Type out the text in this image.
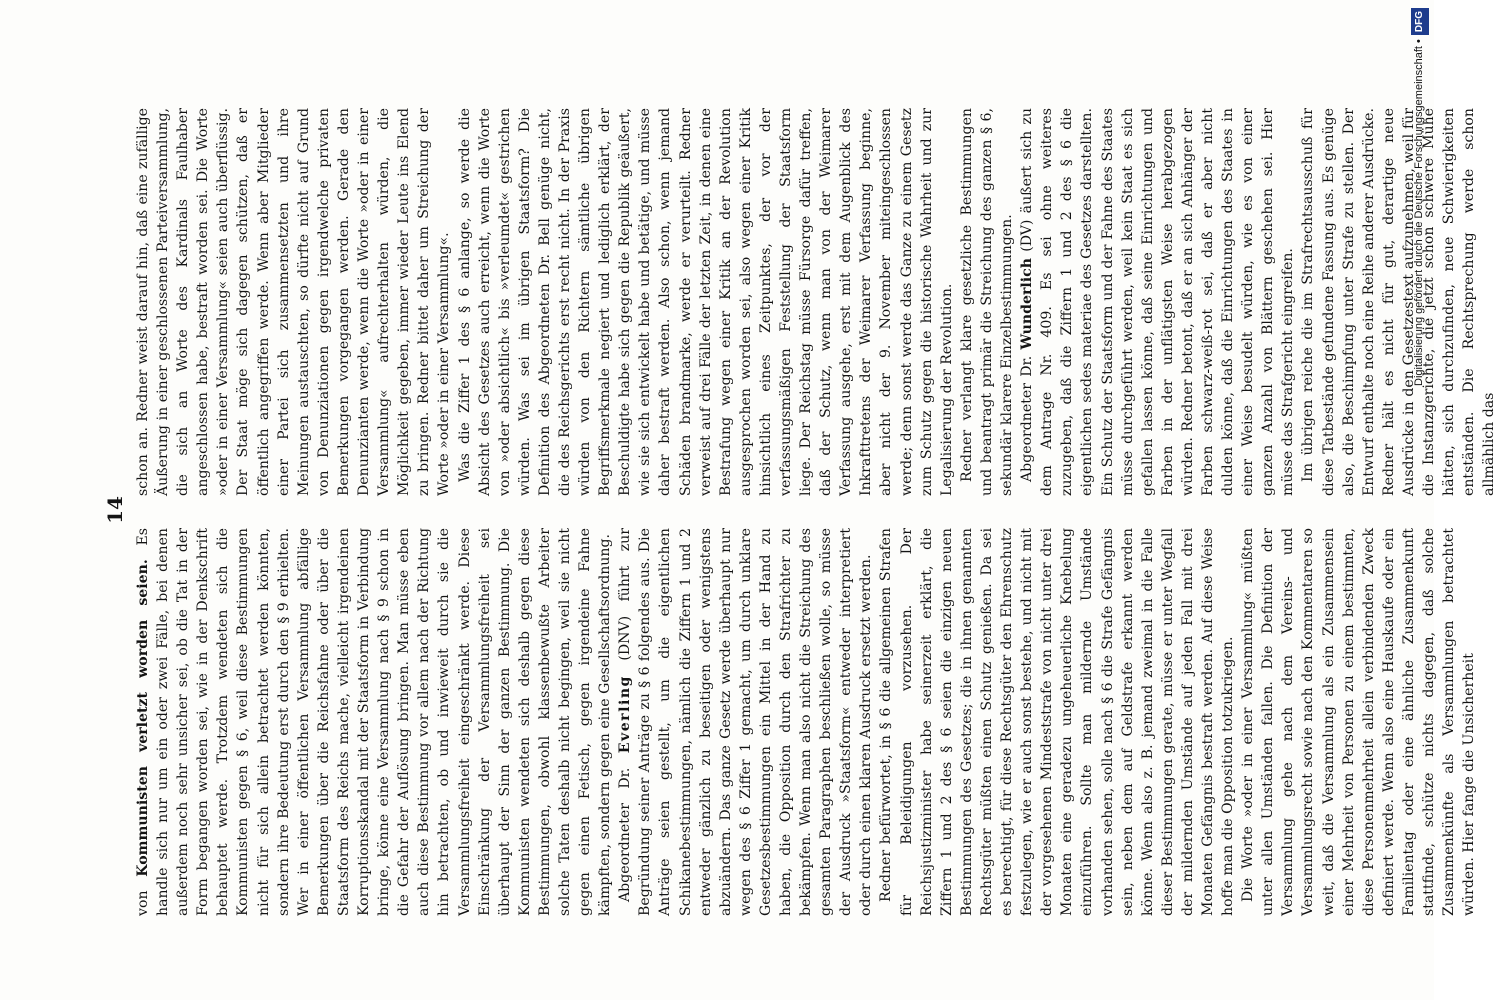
14

von Kommunisten verletzt worden seien. Es handle sich nur um ein oder zwei Fälle, bei denen außerdem noch sehr unsicher sei, ob die Tat in der Form begangen worden sei, wie in der Denkschrift behauptet werde. Trotzdem wendeten sich die Kommunisten gegen § 6, weil diese Bestimmungen nicht für sich allein betrachtet werden könnten, sondern ihre Bedeutung erst durch den § 9 erhielten. Wer in einer öffentlichen Versammlung abfällige Bemerkungen über die Reichsfahne oder über die Staatsform des Reichs mache, vielleicht irgendeinen Korruptionsskandal mit der Staatsform in Verbindung bringe, könne eine Versammlung nach § 9 schon in die Gefahr der Auflösung bringen. Man müsse eben auch diese Bestimmung vor allem nach der Richtung hin betrachten, ob und inwieweit durch sie die Versammlungsfreiheit eingeschränkt werde. Diese Einschränkung der Versammlungsfreiheit sei überhaupt der Sinn der ganzen Bestimmung. Die Kommunisten wendeten sich deshalb gegen diese Bestimmungen, obwohl klassenbewußte Arbeiter solche Taten deshalb nicht begingen, weil sie nicht gegen einen Fetisch, gegen irgendeine Fahne kämpften, sondern gegen eine Gesellschaftsordnung. Abgeordneter Dr. Everling (DNV) führt zur Begründung seiner Anträge zu § 6 folgendes aus. Die Anträge seien gestellt, um die eigentlichen Schikanebestimmungen, nämlich die Ziffern 1 und 2 entweder gänzlich zu beseitigen oder wenigstens abzuändern. Das ganze Gesetz werde überhaupt nur wegen des § 6 Ziffer 1 gemacht, um durch unklare Gesetzesbestimmungen ein Mittel in der Hand zu haben, die Opposition durch den Strafrichter zu bekämpfen. Wenn man also nicht die Streichung des gesamten Paragraphen beschließen wolle, so müsse der Ausdruck »Staatsform« entweder interpretiert oder durch einen klaren Ausdruck ersetzt werden. Redner befürwortet, in § 6 die allgemeinen Strafen für Beleidigungen vorzusehen. Der Reichsjustizminister habe seinerzeit erklärt, die Ziffern 1 und 2 des § 6 seien die einzigen neuen Bestimmungen des Gesetzes; die in ihnen genannten Rechtsgüter müßten einen Schutz genießen. Da sei es berechtigt, für diese Rechtsgüter den Ehrenschutz festzulegen, wie er auch sonst bestehe, und nicht mit der vorgesehenen Mindeststrafe von nicht unter drei Monaten eine geradezu ungeheuerliche Knebelung einzuführen. Sollte man mildernde Umstände vorhanden sehen, solle nach § 6 die Strafe Gefängnis sein, neben dem auf Geldstrafe erkannt werden könne. Wenn also z. B. jemand zweimal in die Falle dieser Bestimmungen gerate, müsse er unter Wegfall der mildernden Umstände auf jeden Fall mit drei Monaten Gefängnis bestraft werden. Auf diese Weise hoffe man die Opposition totzukriegen. Die Worte »oder in einer Versammlung« müßten unter allen Umständen fallen. Die Definition der Versammlung gehe nach dem Vereins- und Versammlungsrecht sowie nach den Kommentaren so weit, daß die Versammlung als ein Zusammensein einer Mehrheit von Personen zu einem bestimmten, diese Personenmehrheit allein verbindenden Zweck definiert werde. Wenn also eine Hauskaufe oder ein Familientag oder eine ähnliche Zusammenkunft stattfinde, schütze nichts dagegen, daß solche Zusammenkünfte als Versammlungen betrachtet würden. Hier fange die Unsicherheit

schon an. Redner weist darauf hin, daß eine zufällige Äußerung in einer geschlossenen Parteiversammlung, die sich an Worte des Kardinals Faulhaber angeschlossen habe, bestraft worden sei. Die Worte »oder in einer Versammlung« seien auch überflüssig. Der Staat möge sich dagegen schützen, daß er öffentlich angegriffen werde. Wenn aber Mitglieder einer Partei sich zusammensetzten und ihre Meinungen austauschten, so dürfte nicht auf Grund von Denunziationen gegen irgendwelche privaten Bemerkungen vorgegangen werden. Gerade den Denunzianten werde, wenn die Worte »oder in einer Versammlung« aufrechterhalten würden, die Möglichkeit gegeben, immer wieder Leute ins Elend zu bringen. Redner bittet daher um Streichung der Worte »oder in einer Versammlung«. Was die Ziffer 1 des § 6 anlange, so werde die Absicht des Gesetzes auch erreicht, wenn die Worte von »oder absichtlich« bis »verleumdet« gestrichen würden. Was sei im übrigen Staatsform? Die Definition des Abgeordneten Dr. Bell genüge nicht, die des Reichsgerichts erst recht nicht. In der Praxis würden von den Richtern sämtliche übrigen Begriffsmerkmale negiert und lediglich erklärt, der Beschuldigte habe sich gegen die Republik geäußert, wie sie sich entwickelt habe und betätige, und müsse daher bestraft werden. Also schon, wenn jemand Schäden brandmarke, werde er verurteilt. Redner verweist auf drei Fälle der letzten Zeit, in denen eine Bestrafung wegen einer Kritik an der Revolution ausgesprochen worden sei, also wegen einer Kritik hinsichtlich eines Zeitpunktes, der vor der verfassungsmäßigen Feststellung der Staatsform liege. Der Reichstag müsse Fürsorge dafür treffen, daß der Schutz, wenn man von der Weimarer Verfassung ausgehe, erst mit dem Augenblick des Inkrafttretens der Weimarer Verfassung beginne, aber nicht der 9. November miteingeschlossen werde; denn sonst werde das Ganze zu einem Gesetz zum Schutz gegen die historische Wahrheit und zur Legalisierung der Revolution. Redner verlangt klare gesetzliche Bestimmungen und beantragt primär die Streichung des ganzen § 6, sekundär klarere Einzelbestimmungen. Abgeordneter Dr. Wunderlich (DV) äußert sich zu dem Antrage Nr. 409. Es sei ohne weiteres zuzugeben, daß die Ziffern 1 und 2 des § 6 die eigentlichen sedes materiae des Gesetzes darstellten. Ein Schutz der Staatsform und der Fahne des Staates müsse durchgeführt werden, weil kein Staat es sich gefallen lassen könne, daß seine Einrichtungen und Farben in der unflätigsten Weise herabgezogen würden. Redner betont, daß er an sich Anhänger der Farben schwarz-weiß-rot sei, daß er aber nicht dulden könne, daß die Einrichtungen des Staates in einer Weise besudelt würden, wie es von einer ganzen Anzahl von Blättern geschehen sei. Hier müsse das Strafgericht eingreifen. Im übrigen reiche die im Strafrechtsausschuß für diese Tatbestände gefundene Fassung aus. Es genüge also, die Beschimpfung unter Strafe zu stellen. Der Entwurf enthalte noch eine Reihe anderer Ausdrücke. Redner hält es nicht für gut, derartige neue Ausdrücke in den Gesetzestext aufzunehmen, weil für die Instanzgerichte, die jetzt schon schwere Mühe hätten, sich durchzufinden, neue Schwierigkeiten entständen. Die Rechtsprechung werde schon allmählich das

Digitalisierung gefördert durch die Deutsche Forschungsgemeinschaft •DFG
